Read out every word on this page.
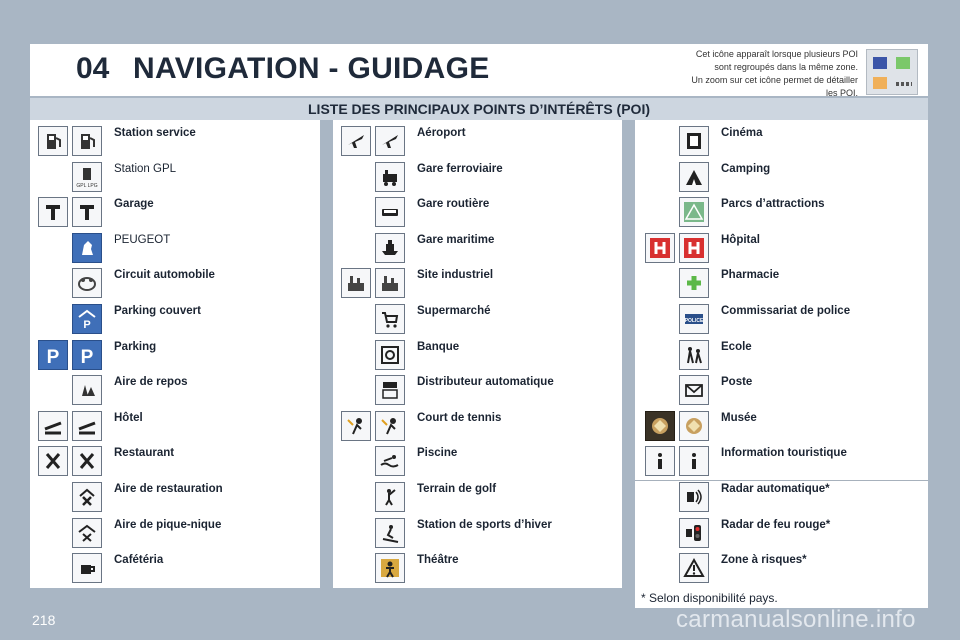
04 NAVIGATION - GUIDAGE	Cet icône apparaît lorsque plusieurs POI
sont regroupés dans la même zone.
Un zoom sur cet icône permet de détailler
les POI.
LISTE DES PRINCIPAUX POINTS D’INTÉRÊTS (POI)
Station service
GPL LPG
Station GPL
Garage
PEUGEOT
Circuit automobile
P
Parking couvert
P P Parking
Aire de repos
Hôtel
Restaurant
Aire de restauration
Aire de pique-nique
Cafétéria
Aéroport
Gare ferroviaire
Gare routière
Gare maritime
Site industriel
Supermarché
Banque
Distributeur automatique
Court de tennis
Piscine
Terrain de golf
Station de sports d’hiver
Théâtre
Cinéma
Camping
Parcs d’attractions
Hôpital
Pharmacie
POLICE
Commissariat de police
Ecole
Poste
Musée
Information touristique
Radar automatique*
Radar de feu rouge*
Zone à risques*
* Selon disponibilité pays.
218	carmanualsonline.info
